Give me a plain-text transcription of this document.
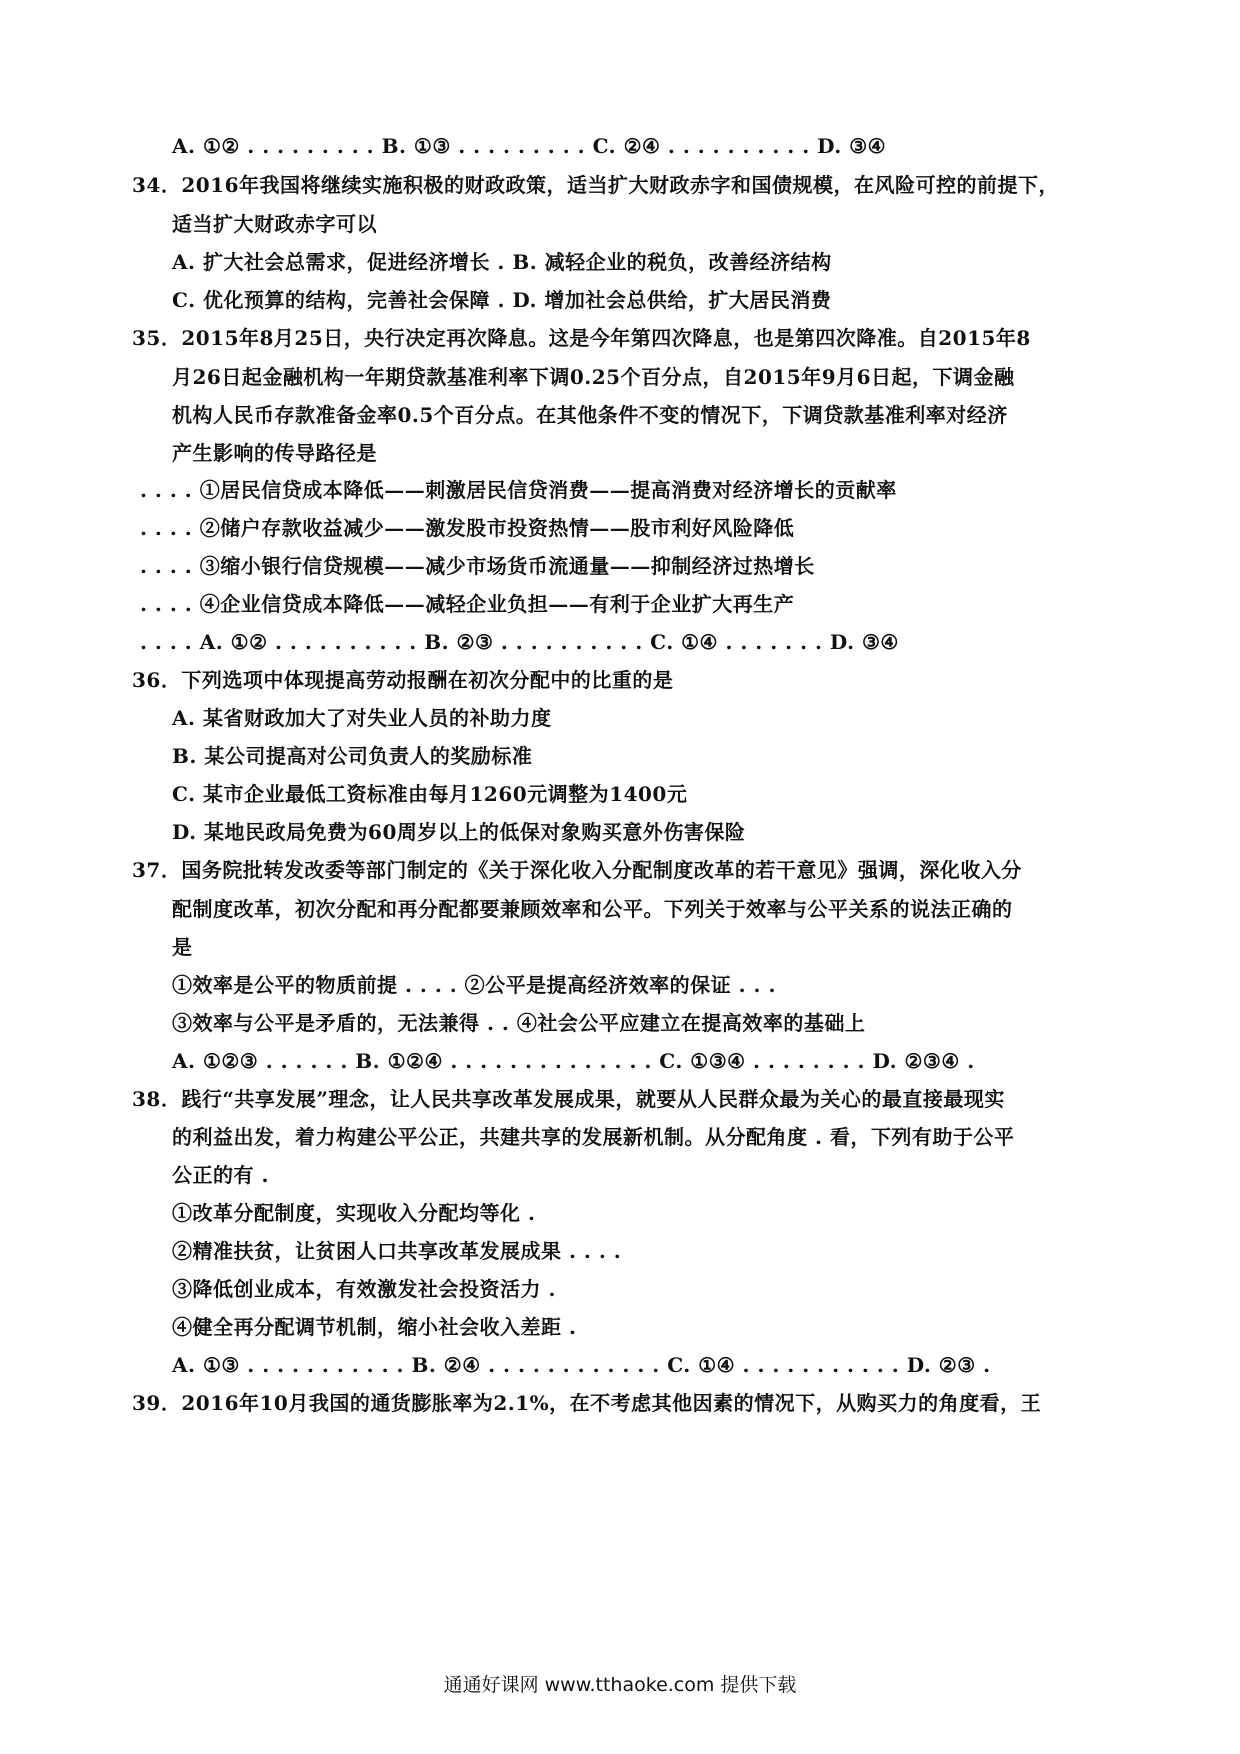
A. ①② . . . . . . . . . B. ①③ . . . . . . . . . C. ②④ . . . . . . . . . . D. ③④
34．2016年我国将继续实施积极的财政政策，适当扩大财政赤字和国债规模，在风险可控的前提下，
适当扩大财政赤字可以
A. 扩大社会总需求，促进经济增长 . B. 减轻企业的税负，改善经济结构
C. 优化预算的结构，完善社会保障 . D. 增加社会总供给，扩大居民消费
35．2015年8月25日，央行决定再次降息。这是今年第四次降息，也是第四次降准。自2015年8
月26日起金融机构一年期贷款基准利率下调0.25个百分点，自2015年9月6日起，下调金融
机构人民币存款准备金率0.5个百分点。在其他条件不变的情况下，下调贷款基准利率对经济
产生影响的传导路径是
. . . . ①居民信贷成本降低——刺激居民信贷消费——提高消费对经济增长的贡献率
. . . . ②储户存款收益减少——激发股市投资热情——股市利好风险降低
. . . . ③缩小银行信贷规模——减少市场货币流通量——抑制经济过热增长
. . . . ④企业信贷成本降低——减轻企业负担——有利于企业扩大再生产
. . . . A. ①② . . . . . . . . . . B. ②③ . . . . . . . . . . C. ①④ . . . . . . . D. ③④
36．下列选项中体现提高劳动报酬在初次分配中的比重的是
A. 某省财政加大了对失业人员的补助力度
B. 某公司提高对公司负责人的奖励标准
C. 某市企业最低工资标准由每月1260元调整为1400元
D. 某地民政局免费为60周岁以上的低保对象购买意外伤害保险
37．国务院批转发改委等部门制定的《关于深化收入分配制度改革的若干意见》强调，深化收入分
配制度改革，初次分配和再分配都要兼顾效率和公平。下列关于效率与公平关系的说法正确的
是
①效率是公平的物质前提 . . . . ②公平是提高经济效率的保证 . . .
③效率与公平是矛盾的，无法兼得 . . ④社会公平应建立在提高效率的基础上
A. ①②③ . . . . . . B. ①②④ . . . . . . . . . . . . . . C. ①③④ . . . . . . . . D. ②③④ .
38．践行“共享发展”理念，让人民共享改革发展成果，就要从人民群众最为关心的最直接最现实
的利益出发，着力构建公平公正，共建共享的发展新机制。从分配角度 . 看，下列有助于公平
公正的有 .
①改革分配制度，实现收入分配均等化 .
②精准扶贫，让贫困人口共享改革发展成果 . . . .
③降低创业成本，有效激发社会投资活力 .
④健全再分配调节机制，缩小社会收入差距 .
A. ①③ . . . . . . . . . . . B. ②④ . . . . . . . . . . . . C. ①④ . . . . . . . . . . . D. ②③ .
39．2016年10月我国的通货膨胀率为2.1%，在不考虑其他因素的情况下，从购买力的角度看，王
通通好课网 www.tthaoke.com 提供下载
